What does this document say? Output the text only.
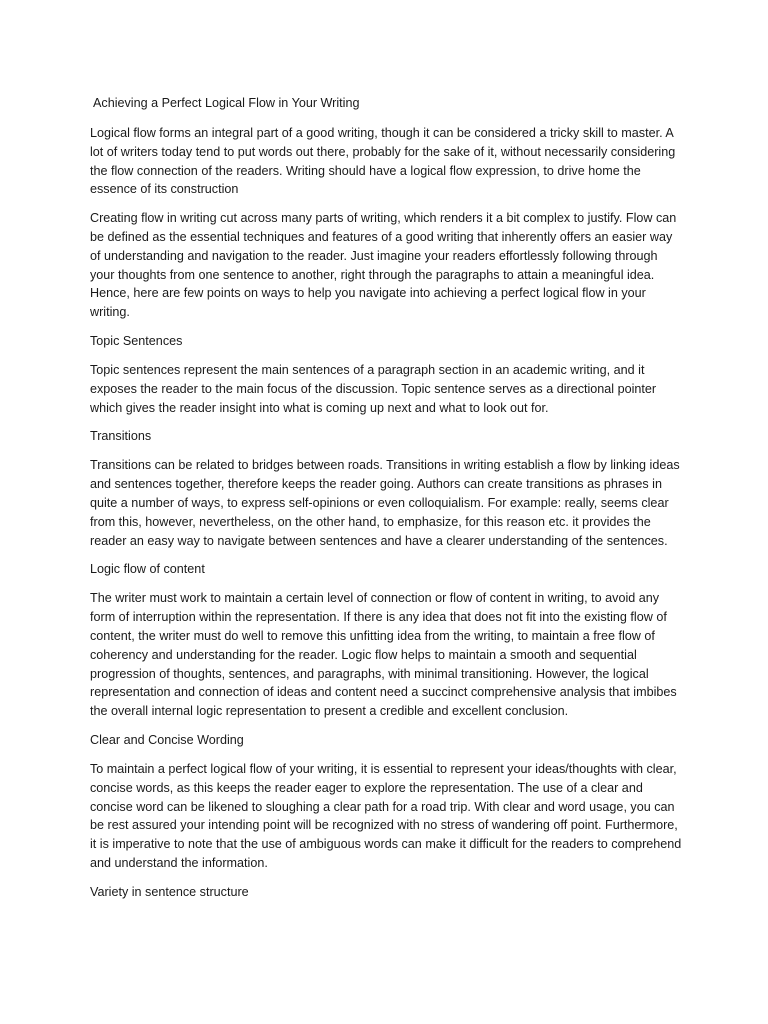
Achieving a Perfect Logical Flow in Your Writing

Logical flow forms an integral part of a good writing, though it can be considered a tricky skill to master. A lot of writers today tend to put words out there, probably for the sake of it, without necessarily considering the flow connection of the readers. Writing should have a logical flow expression, to drive home the essence of its construction

Creating flow in writing cut across many parts of writing, which renders it a bit complex to justify. Flow can be defined as the essential techniques and features of a good writing that inherently offers an easier way of understanding and navigation to the reader. Just imagine your readers effortlessly following through your thoughts from one sentence to another, right through the paragraphs to attain a meaningful idea. Hence, here are few points on ways to help you navigate into achieving a perfect logical flow in your writing.

Topic Sentences

Topic sentences represent the main sentences of a paragraph section in an academic writing, and it exposes the reader to the main focus of the discussion. Topic sentence serves as a directional pointer which gives the reader insight into what is coming up next and what to look out for.

Transitions

Transitions can be related to bridges between roads. Transitions in writing establish a flow by linking ideas and sentences together, therefore keeps the reader going. Authors can create transitions as phrases in quite a number of ways, to express self-opinions or even colloquialism. For example: really, seems clear from this, however, nevertheless, on the other hand, to emphasize, for this reason etc. it provides the reader an easy way to navigate between sentences and have a clearer understanding of the sentences.

Logic flow of content

The writer must work to maintain a certain level of connection or flow of content in writing, to avoid any form of interruption within the representation. If there is any idea that does not fit into the existing flow of content, the writer must do well to remove this unfitting idea from the writing, to maintain a free flow of coherency and understanding for the reader. Logic flow helps to maintain a smooth and sequential progression of thoughts, sentences, and paragraphs, with minimal transitioning. However, the logical representation and connection of ideas and content need a succinct comprehensive analysis that imbibes the overall internal logic representation to present a credible and excellent conclusion.

Clear and Concise Wording

To maintain a perfect logical flow of your writing, it is essential to represent your ideas/thoughts with clear, concise words, as this keeps the reader eager to explore the representation. The use of a clear and concise word can be likened to sloughing a clear path for a road trip. With clear and word usage, you can be rest assured your intending point will be recognized with no stress of wandering off point. Furthermore, it is imperative to note that the use of ambiguous words can make it difficult for the readers to comprehend and understand the information.

Variety in sentence structure
